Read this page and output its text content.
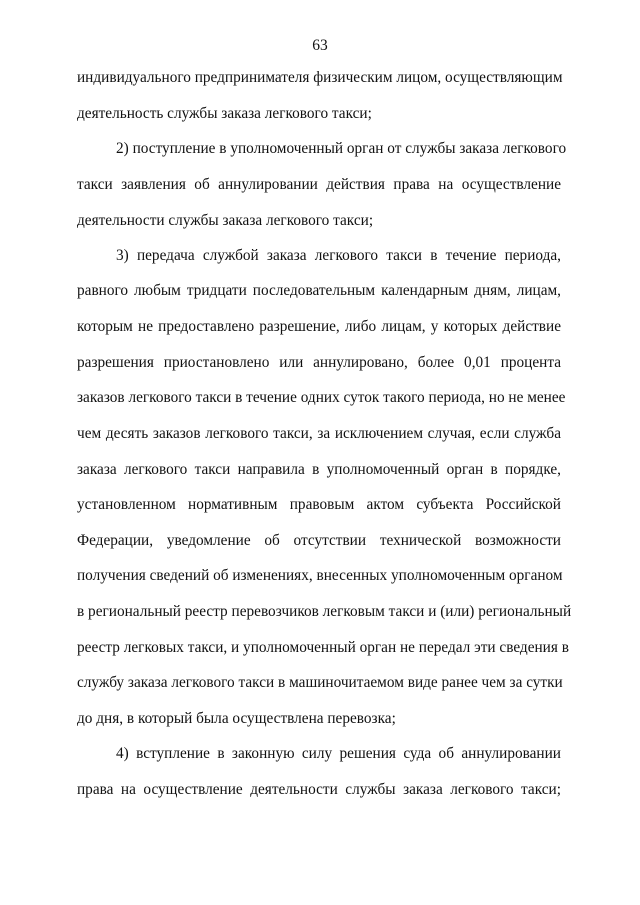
63
индивидуального предпринимателя физическим лицом, осуществляющим
деятельность службы заказа легкового такси;
2) поступление в уполномоченный орган от службы заказа легкового
такси заявления об аннулировании действия права на осуществление
деятельности службы заказа легкового такси;
3) передача службой заказа легкового такси в течение периода,
равного любым тридцати последовательным календарным дням, лицам,
которым не предоставлено разрешение, либо лицам, у которых действие
разрешения приостановлено или аннулировано, более 0,01 процента
заказов легкового такси в течение одних суток такого периода, но не менее
чем десять заказов легкового такси, за исключением случая, если служба
заказа легкового такси направила в уполномоченный орган в порядке,
установленном нормативным правовым актом субъекта Российской
Федерации, уведомление об отсутствии технической возможности
получения сведений об изменениях, внесенных уполномоченным органом
в региональный реестр перевозчиков легковым такси и (или) региональный
реестр легковых такси, и уполномоченный орган не передал эти сведения в
службу заказа легкового такси в машиночитаемом виде ранее чем за сутки
до дня, в который была осуществлена перевозка;
4) вступление в законную силу решения суда об аннулировании
права на осуществление деятельности службы заказа легкового такси;
